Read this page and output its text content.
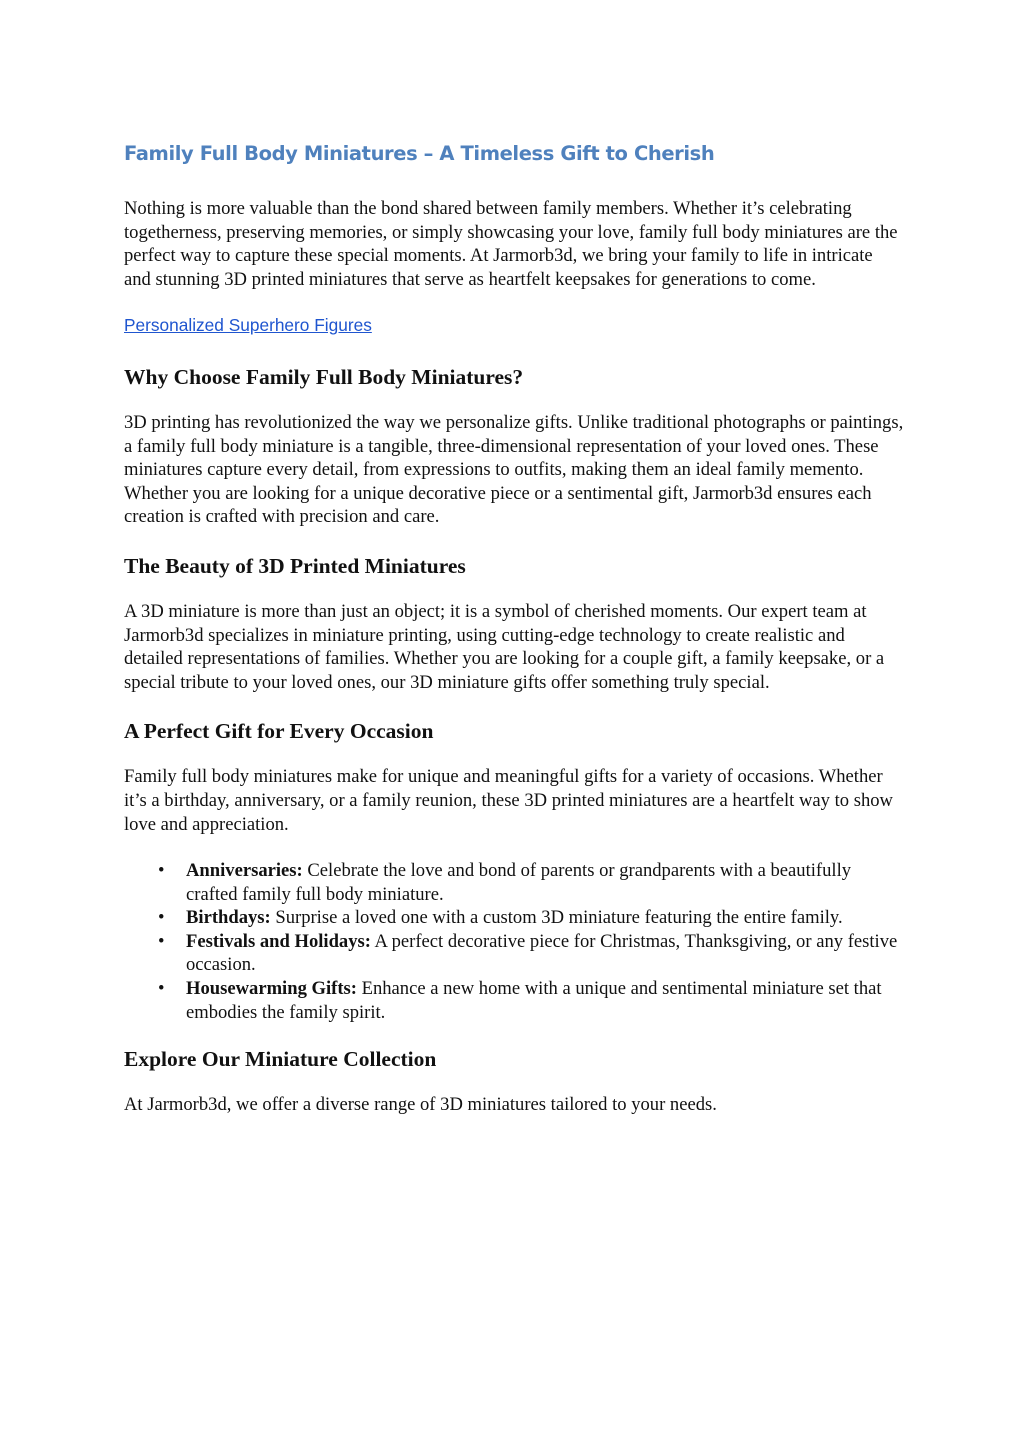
Family Full Body Miniatures – A Timeless Gift to Cherish

Nothing is more valuable than the bond shared between family members. Whether it’s celebrating togetherness, preserving memories, or simply showcasing your love, family full body miniatures are the perfect way to capture these special moments. At Jarmorb3d, we bring your family to life in intricate and stunning 3D printed miniatures that serve as heartfelt keepsakes for generations to come.

Personalized Superhero Figures
Why Choose Family Full Body Miniatures?

3D printing has revolutionized the way we personalize gifts. Unlike traditional photographs or paintings, a family full body miniature is a tangible, three-dimensional representation of your loved ones. These miniatures capture every detail, from expressions to outfits, making them an ideal family memento. Whether you are looking for a unique decorative piece or a sentimental gift, Jarmorb3d ensures each creation is crafted with precision and care.

The Beauty of 3D Printed Miniatures

A 3D miniature is more than just an object; it is a symbol of cherished moments. Our expert team at Jarmorb3d specializes in miniature printing, using cutting-edge technology to create realistic and detailed representations of families. Whether you are looking for a couple gift, a family keepsake, or a special tribute to your loved ones, our 3D miniature gifts offer something truly special.

A Perfect Gift for Every Occasion

Family full body miniatures make for unique and meaningful gifts for a variety of occasions. Whether it’s a birthday, anniversary, or a family reunion, these 3D printed miniatures are a heartfelt way to show love and appreciation.

• Anniversaries: Celebrate the love and bond of parents or grandparents with a beautifully crafted family full body miniature.
• Birthdays: Surprise a loved one with a custom 3D miniature featuring the entire family.
• Festivals and Holidays: A perfect decorative piece for Christmas, Thanksgiving, or any festive occasion.
• Housewarming Gifts: Enhance a new home with a unique and sentimental miniature set that embodies the family spirit.
Explore Our Miniature Collection

At Jarmorb3d, we offer a diverse range of 3D miniatures tailored to your needs.
